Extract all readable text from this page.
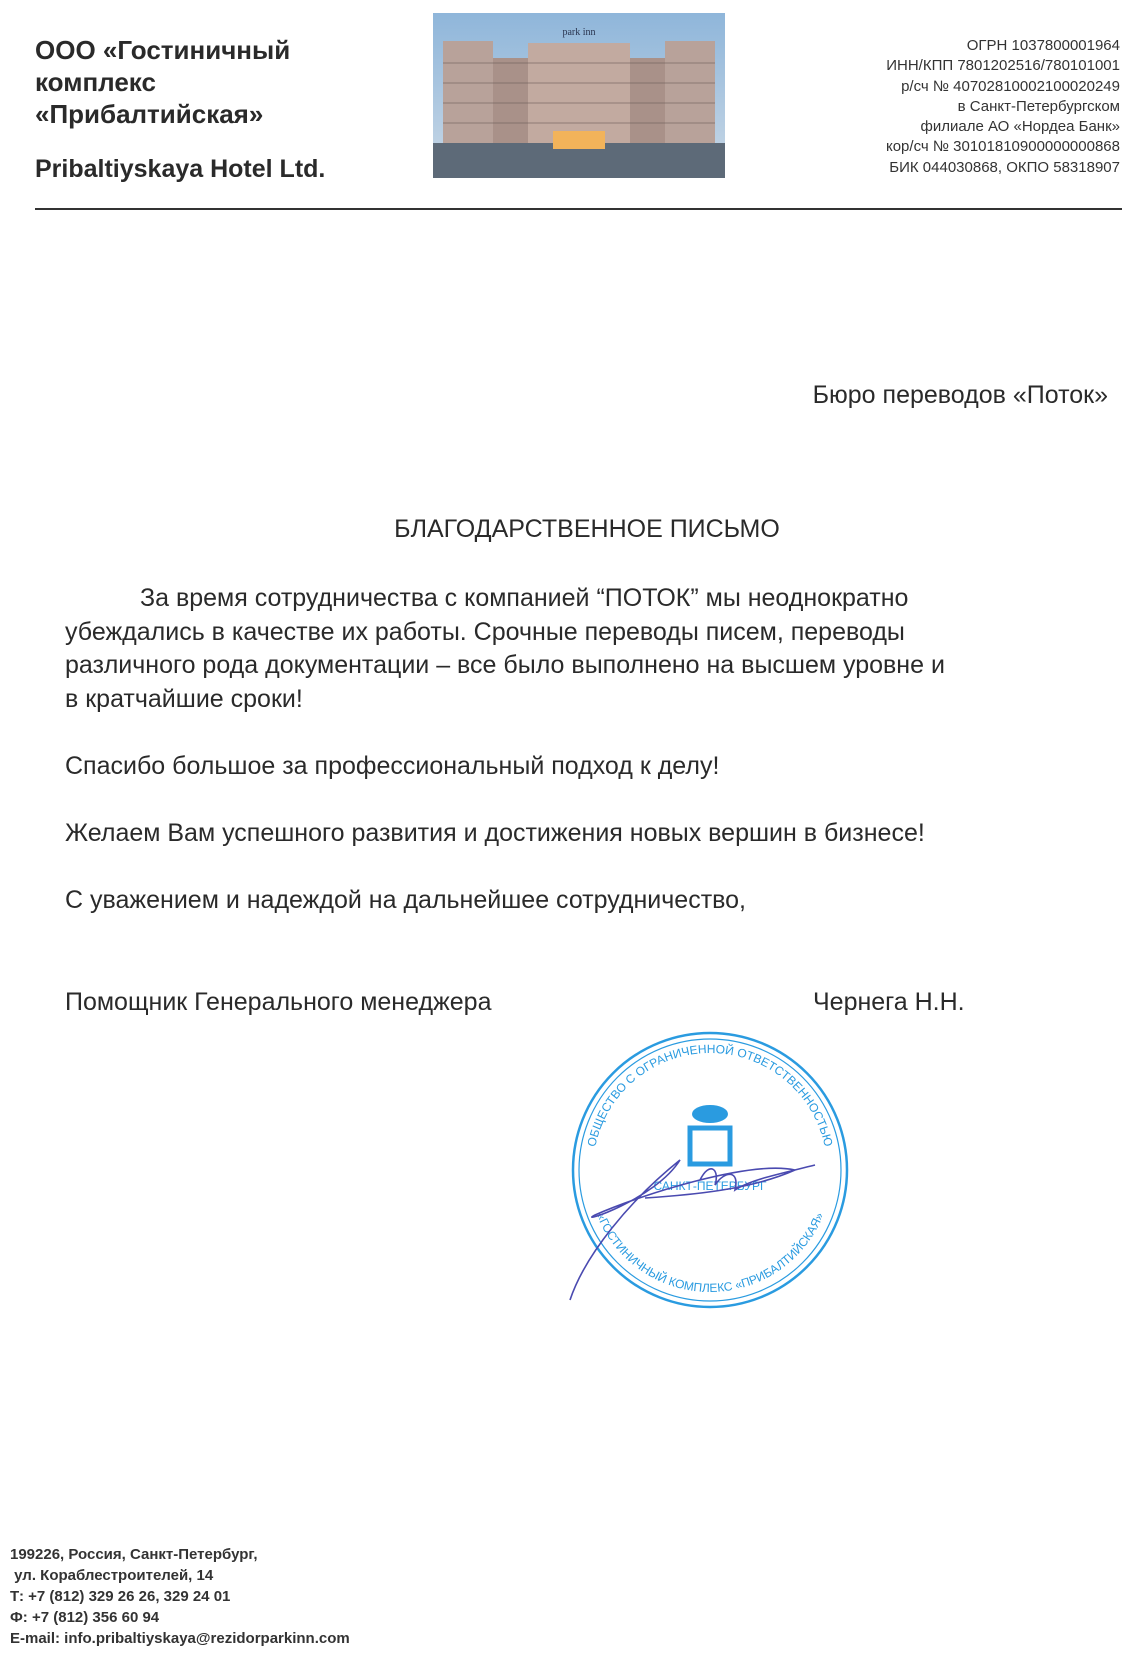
ООО «Гостиничный
комплекс
«Прибалтийская»
Pribaltiyskaya Hotel Ltd.
park inn
ОГРН 1037800001964
ИНН/КПП 7801202516/780101001
р/сч № 40702810002100020249
в Санкт-Петербургском
филиале АО «Нордеа Банк»
кор/сч № 30101810900000000868
БИК 044030868, ОКПО 58318907
Бюро переводов «Поток»
БЛАГОДАРСТВЕННОЕ ПИСЬМО
За время сотрудничества с компанией “ПОТОК” мы неоднократно
убеждались в качестве их работы. Срочные переводы писем, переводы
различного рода документации – все было выполнено на высшем уровне и
в кратчайшие сроки!
Спасибо большое за профессиональный подход к делу!
Желаем Вам успешного развития и достижения новых вершин в бизнесе!
С уважением и надеждой на дальнейшее сотрудничество,
Помощник Генерального менеджера	Чернега Н.Н.
ОБЩЕСТВО С ОГРАНИЧЕННОЙ ОТВЕТСТВЕННОСТЬЮ
«ГОСТИНИЧНЫЙ КОМПЛЕКС «ПРИБАЛТИЙСКАЯ»
САНКТ-ПЕТЕРБУРГ
199226, Россия, Санкт-Петербург,
ул. Кораблестроителей, 14
Т: +7 (812) 329 26 26, 329 24 01
Ф: +7 (812) 356 60 94
E-mail: info.pribaltiyskaya@rezidorparkinn.com
